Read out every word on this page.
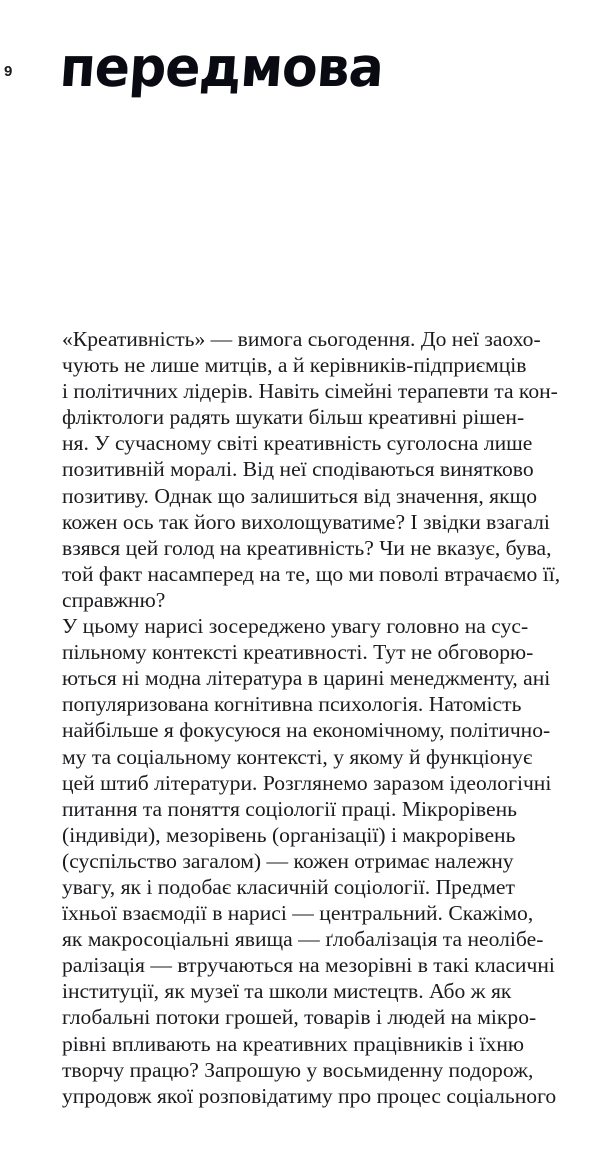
9 передмова
«Креативність» — вимога сьогодення. До неї заохо-
чують не лише митців, а й керівників-підприємців
і політичних лідерів. Навіть сімейні терапевти та кон-
фліктологи радять шукати більш креативні рішен-
ня. У сучасному світі креативність суголосна лише
позитивній моралі. Від неї сподіваються винятково
позитиву. Однак що залишиться від значення, якщо
кожен ось так його вихолощуватиме? І звідки взагалі
взявся цей голод на креативність? Чи не вказує, бува,
той факт насамперед на те, що ми поволі втрачаємо її,
справжню?
У цьому нарисі зосереджено увагу головно на сус-
пільному контексті креативності. Тут не обговорю-
ються ні модна література в царині менеджменту, ані
популяризована когнітивна психологія. Натомість
найбільше я фокусуюся на економічному, політично-
му та соціальному контексті, у якому й функціонує
цей штиб літератури. Розглянемо заразом ідеологічні
питання та поняття соціології праці. Мікрорівень
(індивіди), мезорівень (організації) і макрорівень
(суспільство загалом) — кожен отримає належну
увагу, як і подобає класичній соціології. Предмет
їхньої взаємодії в нарисі — центральний. Скажімо,
як макросоціальні явища — ґлобалізація та неолібе-
ралізація — втручаються на мезорівні в такі класичні
інституції, як музеї та школи мистецтв. Або ж як
глобальні потоки грошей, товарів і людей на мікро-
рівні впливають на креативних працівників і їхню
творчу працю? Запрошую у восьмиденну подорож,
упродовж якої розповідатиму про процес соціального
